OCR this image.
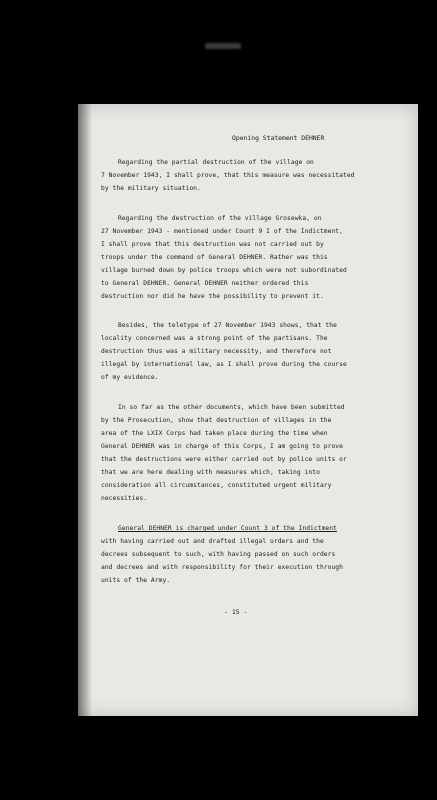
Opening Statement DEHNER
Regarding the partial destruction of the village on
7 November 1943, I shall prove, that this measure was necessitated
by the military situation.
Regarding the destruction of the village Grosewka, on
27 November 1943 - mentioned under Count 9 I of the Indictment,
I shall prove that this destruction was not carried out by
troops under the command of General DEHNER. Rather was this
village burned down by police troops which were not subordinated
to General DEHNER. General DEHNER neither ordered this
destruction nor did he have the possibility to prevent it.
Besides, the teletype of 27 November 1943 shows, that the
locality concerned was a strong point of the partisans. The
destruction thus was a military necessity, and therefore not
illegal by international law, as I shall prove during the course
of my evidence.
In so far as the other documents, which have been submitted
by the Prosecution, show that destruction of villages in the
area of the LXIX Corps had taken place during the time when
General DEHNER was in charge of this Corps, I am going to prove
that the destructions were either carried out by police units or
that we are here dealing with measures which, taking into
consideration all circumstances, constituted urgent military
necessities.
General DEHNER is charged under Count 3 of the Indictment
with having carried out and drafted illegal orders and the
decrees subsequent to such, with having passed on such orders
and decrees and with responsibility for their execution through
units of the Army.
- 15 -
